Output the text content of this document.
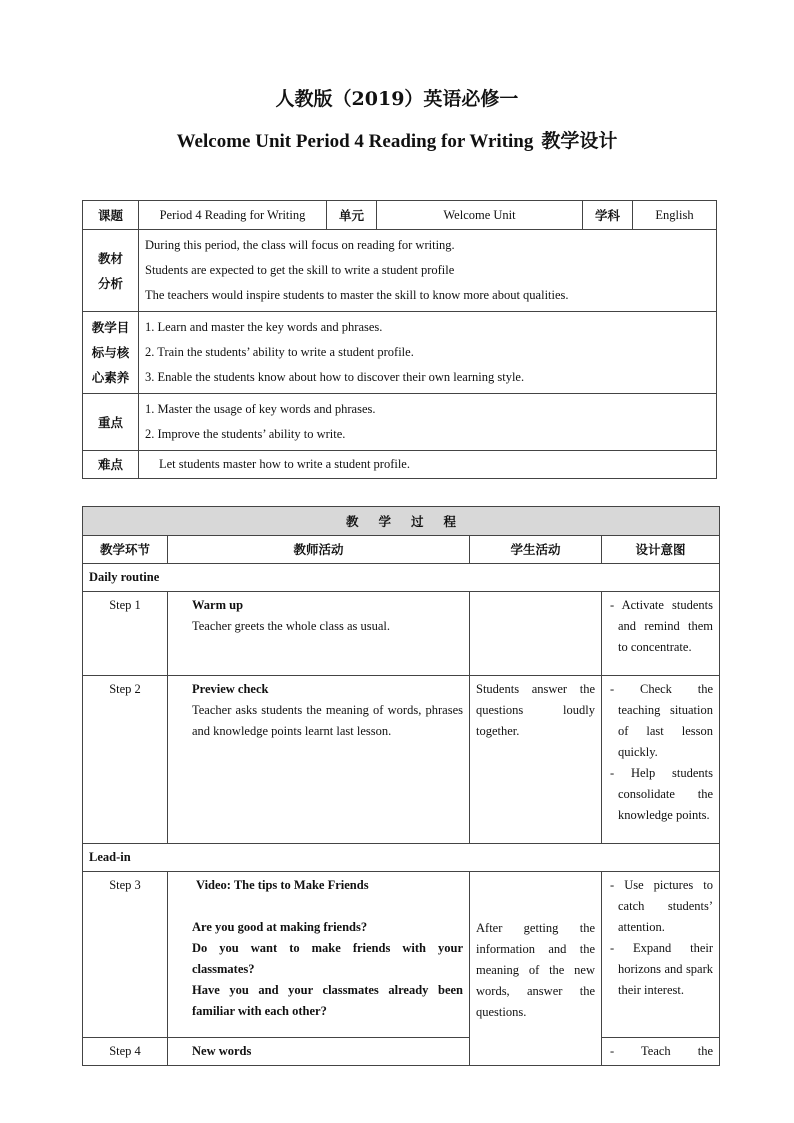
人教版（2019）英语必修一
Welcome Unit Period 4 Reading for Writing 教学设计
课题	Period 4 Reading for Writing	单元	Welcome Unit	学科	English

教材
分析	During this period, the class will focus on reading for writing.
Students are expected to get the skill to write a student profile
The teachers would inspire students to master the skill to know more about qualities.				

教学目
标与核
心素养	1. Learn and master the key words and phrases.
2. Train the students’ ability to write a student profile.
3. Enable the students know about how to discover their own learning style.				

重点	1. Master the usage of key words and phrases.
2. Improve the students’ ability to write.				

难点	Let students master how to write a student profile.				
教学过程			
教学环节	教师活动	学生活动	设计意图
Daily routine			
Step 1	Warm up
Teacher greets the whole class as usual.		- Activate students and remind them to concentrate.

Step 2	Preview check
Teacher asks students the meaning of words, phrases and knowledge points learnt last lesson.	Students answer the questions loudly together.	- Check the teaching situation of last lesson quickly.
- Help students consolidate the knowledge points.

Lead-in			
Step 3	Video: The tips to Make Friends
Are you good at making friends?
Do you want to make friends with your classmates?
Have you and your classmates already been familiar with each other?	After getting the information and the meaning of the new words, answer the questions.	- Use pictures to catch students’ attention.
- Expand their horizons and spark their interest.

Step 4	New words		- Teach the
